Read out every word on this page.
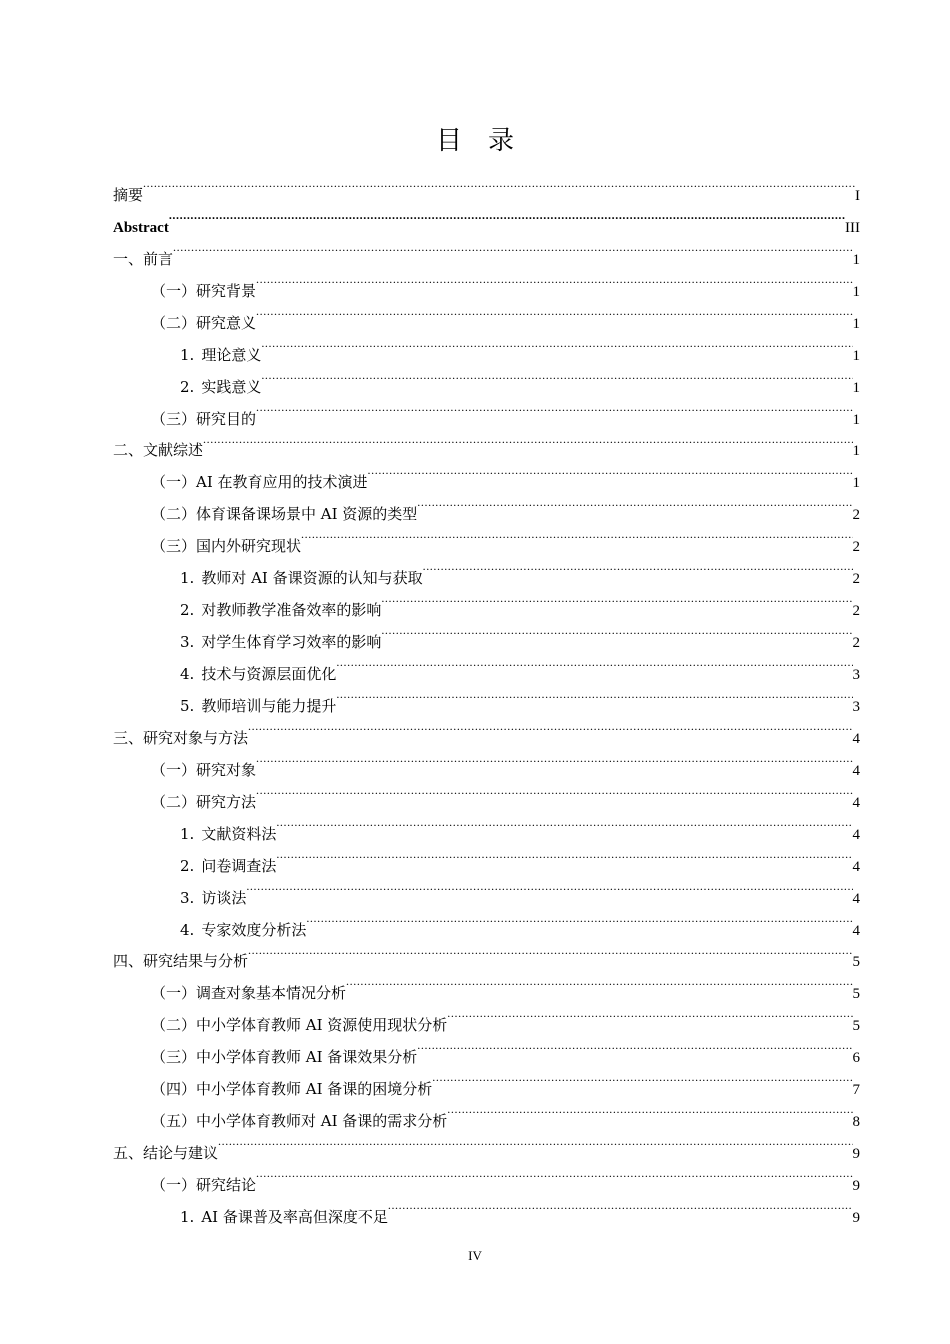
目录
摘要 .....	I
Abstract .....	III
一、前言 .....	1
（一）研究背景 .....	1
（二）研究意义 .....	1
1. 理论意义 .....	1
2. 实践意义 .....	1
（三）研究目的 .....	1
二、文献综述 .....	1
（一）AI 在教育应用的技术演进 .....	1
（二）体育课备课场景中 AI 资源的类型 .....	2
（三）国内外研究现状 .....	2
1. 教师对 AI 备课资源的认知与获取 .....	2
2. 对教师教学准备效率的影响 .....	2
3. 对学生体育学习效率的影响 .....	2
4. 技术与资源层面优化 .....	3
5. 教师培训与能力提升 .....	3
三、研究对象与方法 .....	4
（一）研究对象 .....	4
（二）研究方法 .....	4
1. 文献资料法 .....	4
2. 问卷调查法 .....	4
3. 访谈法 .....	4
4. 专家效度分析法 .....	4
四、研究结果与分析 .....	5
（一）调查对象基本情况分析 .....	5
（二）中小学体育教师 AI 资源使用现状分析 .....	5
（三）中小学体育教师 AI 备课效果分析 .....	6
（四）中小学体育教师 AI 备课的困境分析 .....	7
（五）中小学体育教师对 AI 备课的需求分析 .....	8
五、结论与建议 .....	9
（一）研究结论 .....	9
1. AI 备课普及率高但深度不足 .....	9
IV
